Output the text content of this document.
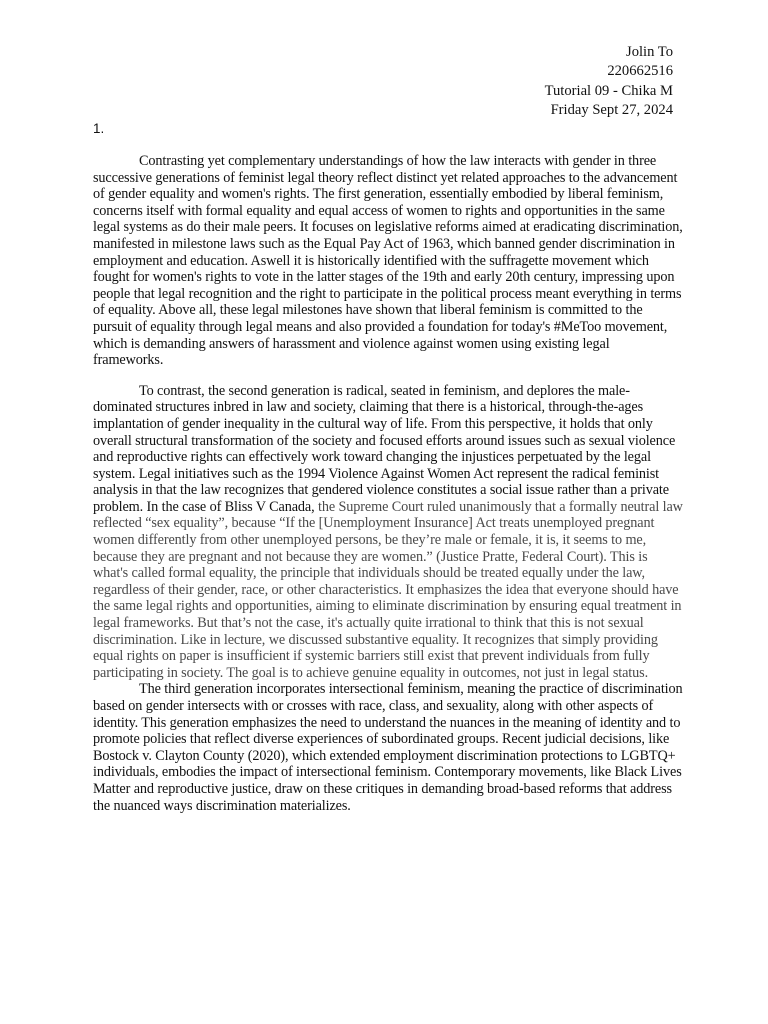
Jolin To
220662516
Tutorial 09 - Chika M
Friday Sept 27, 2024
1.

Contrasting yet complementary understandings of how the law interacts with gender in three successive generations of feminist legal theory reflect distinct yet related approaches to the advancement of gender equality and women's rights. The first generation, essentially embodied by liberal feminism, concerns itself with formal equality and equal access of women to rights and opportunities in the same legal systems as do their male peers. It focuses on legislative reforms aimed at eradicating discrimination, manifested in milestone laws such as the Equal Pay Act of 1963, which banned gender discrimination in employment and education. Aswell it is historically identified with the suffragette movement which fought for women's rights to vote in the latter stages of the 19th and early 20th century, impressing upon people that legal recognition and the right to participate in the political process meant everything in terms of equality. Above all, these legal milestones have shown that liberal feminism is committed to the pursuit of equality through legal means and also provided a foundation for today's #MeToo movement, which is demanding answers of harassment and violence against women using existing legal frameworks.

To contrast, the second generation is radical, seated in feminism, and deplores the male-dominated structures inbred in law and society, claiming that there is a historical, through-the-ages implantation of gender inequality in the cultural way of life. From this perspective, it holds that only overall structural transformation of the society and focused efforts around issues such as sexual violence and reproductive rights can effectively work toward changing the injustices perpetuated by the legal system. Legal initiatives such as the 1994 Violence Against Women Act represent the radical feminist analysis in that the law recognizes that gendered violence constitutes a social issue rather than a private problem. In the case of Bliss V Canada, the Supreme Court ruled unanimously that a formally neutral law reflected “sex equality”, because “If the [Unemployment Insurance] Act treats unemployed pregnant women differently from other unemployed persons, be they’re male or female, it is, it seems to me, because they are pregnant and not because they are women.” (Justice Pratte, Federal Court). This is what's called formal equality, the principle that individuals should be treated equally under the law, regardless of their gender, race, or other characteristics. It emphasizes the idea that everyone should have the same legal rights and opportunities, aiming to eliminate discrimination by ensuring equal treatment in legal frameworks. But that’s not the case, it's actually quite irrational to think that this is not sexual discrimination. Like in lecture, we discussed substantive equality. It recognizes that simply providing equal rights on paper is insufficient if systemic barriers still exist that prevent individuals from fully participating in society. The goal is to achieve genuine equality in outcomes, not just in legal status.

The third generation incorporates intersectional feminism, meaning the practice of discrimination based on gender intersects with or crosses with race, class, and sexuality, along with other aspects of identity. This generation emphasizes the need to understand the nuances in the meaning of identity and to promote policies that reflect diverse experiences of subordinated groups. Recent judicial decisions, like Bostock v. Clayton County (2020), which extended employment discrimination protections to LGBTQ+ individuals, embodies the impact of intersectional feminism. Contemporary movements, like Black Lives Matter and reproductive justice, draw on these critiques in demanding broad-based reforms that address the nuanced ways discrimination materializes.
